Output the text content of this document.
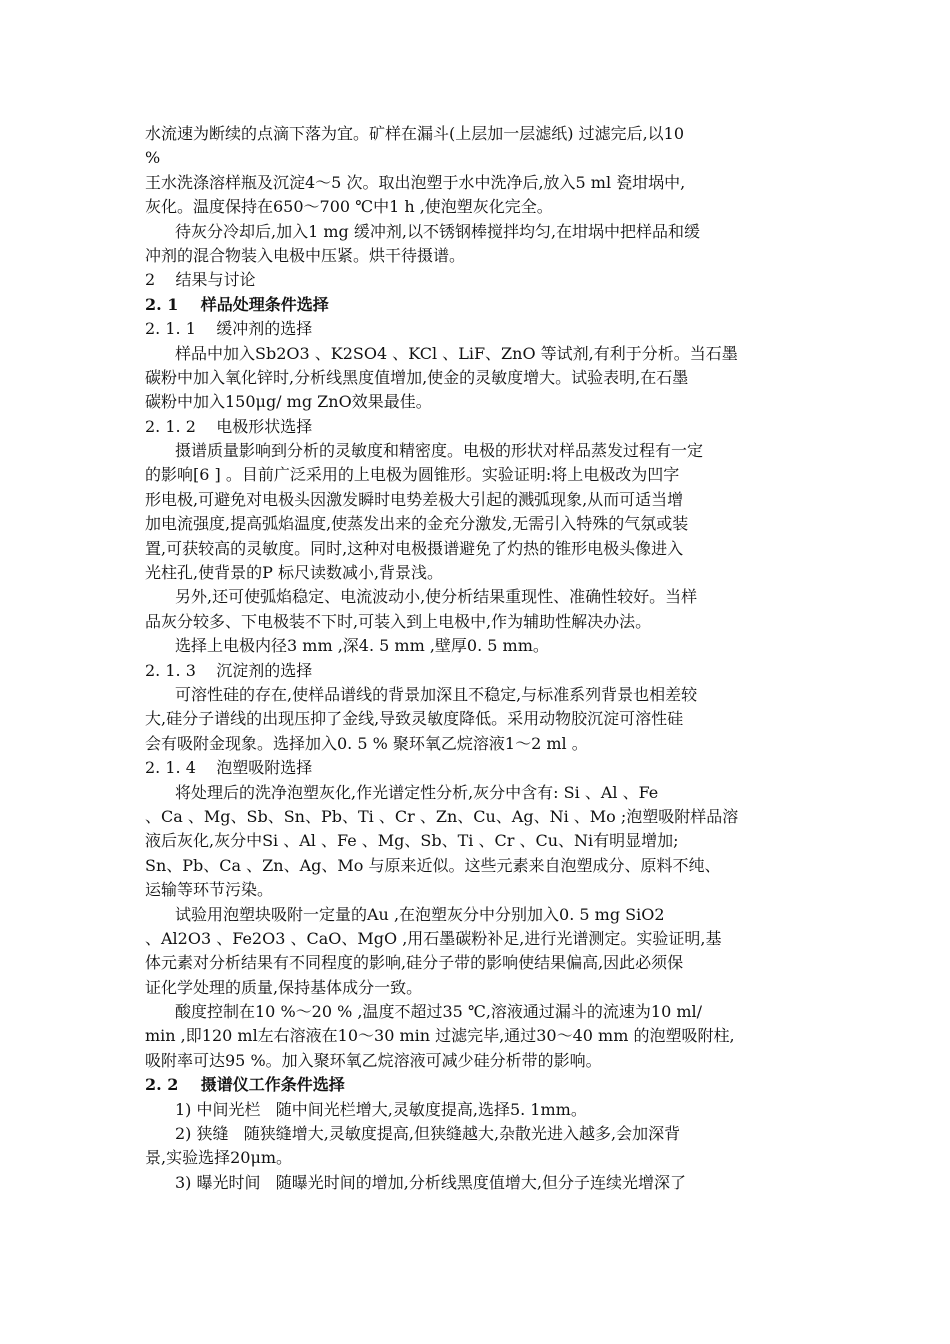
水流速为断续的点滴下落为宜。矿样在漏斗(上层加一层滤纸) 过滤完后,以10
%
王水洗涤溶样瓶及沉淀4～5 次。取出泡塑于水中洗净后,放入5 ml 瓷坩埚中,
灰化。温度保持在650～700 ℃中1 h ,使泡塑灰化完全。
待灰分冷却后,加入1 mg 缓冲剂,以不锈钢棒搅拌均匀,在坩埚中把样品和缓
冲剂的混合物装入电极中压紧。烘干待摄谱。
2    结果与讨论
2. 1    样品处理条件选择
2. 1. 1    缓冲剂的选择
样品中加入Sb2O3 、K2SO4 、KCl 、LiF、ZnO 等试剂,有利于分析。当石墨
碳粉中加入氧化锌时,分析线黑度值增加,使金的灵敏度增大。试验表明,在石墨
碳粉中加入150μg/ mg ZnO效果最佳。
2. 1. 2    电极形状选择
摄谱质量影响到分析的灵敏度和精密度。电极的形状对样品蒸发过程有一定
的影响[6 ] 。目前广泛采用的上电极为圆锥形。实验证明:将上电极改为凹字
形电极,可避免对电极头因激发瞬时电势差极大引起的溅弧现象,从而可适当增
加电流强度,提高弧焰温度,使蒸发出来的金充分激发,无需引入特殊的气氛或装
置,可获较高的灵敏度。同时,这种对电极摄谱避免了灼热的锥形电极头像进入
光柱孔,使背景的P 标尺读数减小,背景浅。
另外,还可使弧焰稳定、电流波动小,使分析结果重现性、准确性较好。当样
品灰分较多、下电极装不下时,可装入到上电极中,作为辅助性解决办法。
选择上电极内径3 mm ,深4. 5 mm ,壁厚0. 5 mm。
2. 1. 3    沉淀剂的选择
可溶性硅的存在,使样品谱线的背景加深且不稳定,与标准系列背景也相差较
大,硅分子谱线的出现压抑了金线,导致灵敏度降低。采用动物胶沉淀可溶性硅
会有吸附金现象。选择加入0. 5 % 聚环氧乙烷溶液1～2 ml 。
2. 1. 4    泡塑吸附选择
将处理后的洗净泡塑灰化,作光谱定性分析,灰分中含有: Si 、Al 、Fe
、Ca 、Mg、Sb、Sn、Pb、Ti 、Cr 、Zn、Cu、Ag、Ni 、Mo ;泡塑吸附样品溶
液后灰化,灰分中Si 、Al 、Fe 、Mg、Sb、Ti 、Cr 、Cu、Ni有明显增加;
Sn、Pb、Ca 、Zn、Ag、Mo 与原来近似。这些元素来自泡塑成分、原料不纯、
运输等环节污染。
试验用泡塑块吸附一定量的Au ,在泡塑灰分中分别加入0. 5 mg SiO2
、Al2O3 、Fe2O3 、CaO、MgO ,用石墨碳粉补足,进行光谱测定。实验证明,基
体元素对分析结果有不同程度的影响,硅分子带的影响使结果偏高,因此必须保
证化学处理的质量,保持基体成分一致。
酸度控制在10 %～20 % ,温度不超过35 ℃,溶液通过漏斗的流速为10 ml/
min ,即120 ml左右溶液在10～30 min 过滤完毕,通过30～40 mm 的泡塑吸附柱,
吸附率可达95 %。加入聚环氧乙烷溶液可减少硅分析带的影响。
2. 2    摄谱仪工作条件选择
1) 中间光栏   随中间光栏增大,灵敏度提高,选择5. 1mm。
2) 狭缝   随狭缝增大,灵敏度提高,但狭缝越大,杂散光进入越多,会加深背
景,实验选择20μm。
3) 曝光时间   随曝光时间的增加,分析线黑度值增大,但分子连续光增深了
